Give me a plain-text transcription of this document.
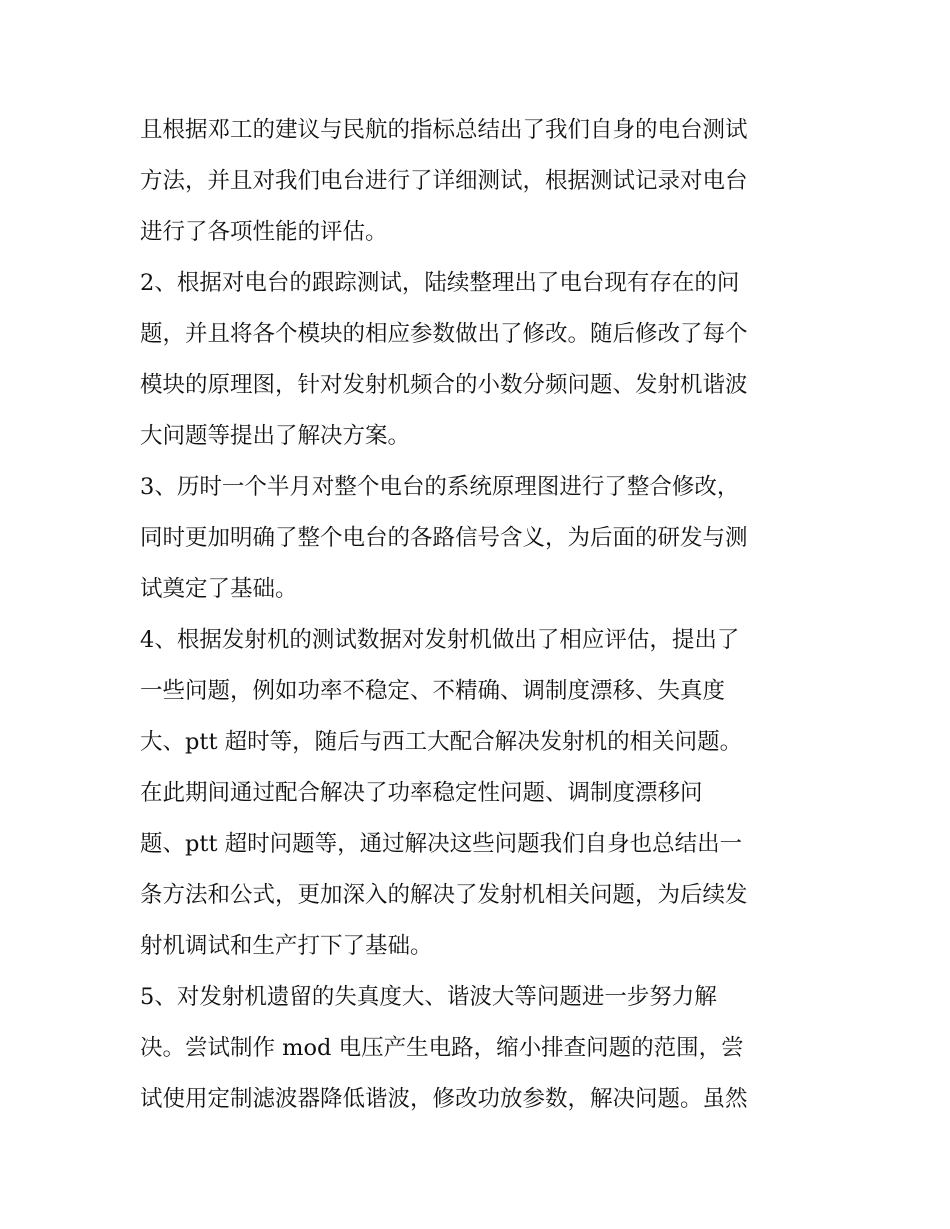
且根据邓工的建议与民航的指标总结出了我们自身的电台测试
方法，并且对我们电台进行了详细测试，根据测试记录对电台
进行了各项性能的评估。
2、根据对电台的跟踪测试，陆续整理出了电台现有存在的问
题，并且将各个模块的相应参数做出了修改。随后修改了每个
模块的原理图，针对发射机频合的小数分频问题、发射机谐波
大问题等提出了解决方案。
3、历时一个半月对整个电台的系统原理图进行了整合修改，
同时更加明确了整个电台的各路信号含义，为后面的研发与测
试奠定了基础。
4、根据发射机的测试数据对发射机做出了相应评估，提出了
一些问题，例如功率不稳定、不精确、调制度漂移、失真度
大、ptt 超时等，随后与西工大配合解决发射机的相关问题。
在此期间通过配合解决了功率稳定性问题、调制度漂移问
题、ptt 超时问题等，通过解决这些问题我们自身也总结出一
条方法和公式，更加深入的解决了发射机相关问题，为后续发
射机调试和生产打下了基础。
5、对发射机遗留的失真度大、谐波大等问题进一步努力解
决。尝试制作 mod 电压产生电路，缩小排查问题的范围，尝
试使用定制滤波器降低谐波，修改功放参数，解决问题。虽然
